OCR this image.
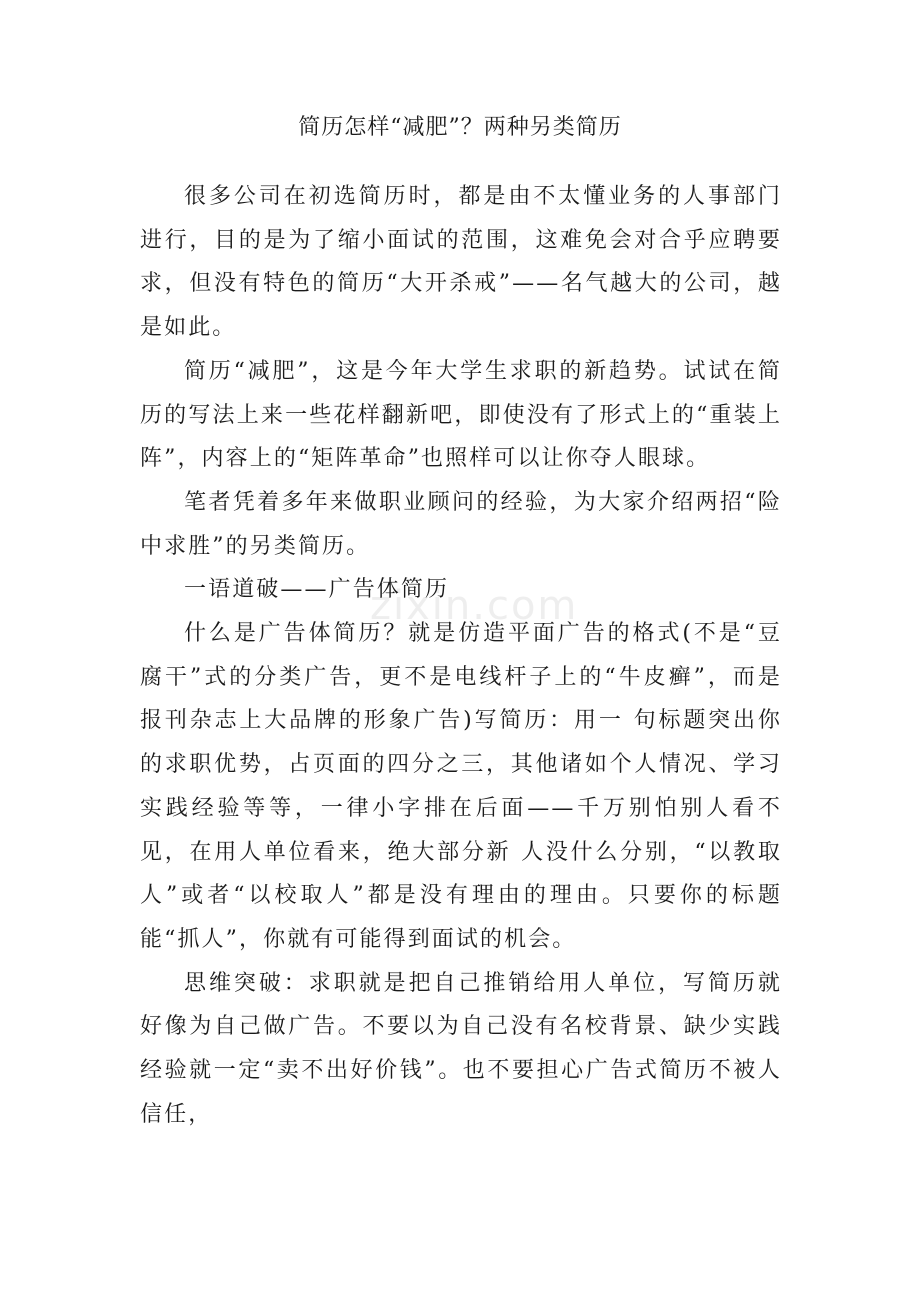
zixin.com
简历怎样“减肥”？两种另类简历

很多公司在初选简历时，都是由不太懂业务的人事部门进行，目的是为了缩小面试的范围，这难免会对合乎应聘要求，但没有特色的简历“大开杀戒”——名气越大的公司，越是如此。

简历“减肥”，这是今年大学生求职的新趋势。试试在简历的写法上来一些花样翻新吧，即使没有了形式上的“重装上阵”，内容上的“矩阵革命”也照样可以让你夺人眼球。

笔者凭着多年来做职业顾问的经验，为大家介绍两招“险中求胜”的另类简历。

一语道破——广告体简历

什么是广告体简历？就是仿造平面广告的格式(不是“豆腐干”式的分类广告，更不是电线杆子上的“牛皮癣”，而是报刊杂志上大品牌的形象广告)写简历：用一 句标题突出你的求职优势，占页面的四分之三，其他诸如个人情况、学习实践经验等等，一律小字排在后面——千万别怕别人看不见，在用人单位看来，绝大部分新 人没什么分别，“以教取人”或者“以校取人”都是没有理由的理由。只要你的标题能“抓人”，你就有可能得到面试的机会。

思维突破：求职就是把自己推销给用人单位，写简历就好像为自己做广告。不要以为自己没有名校背景、缺少实践经验就一定“卖不出好价钱”。也不要担心广告式简历不被人信任，
